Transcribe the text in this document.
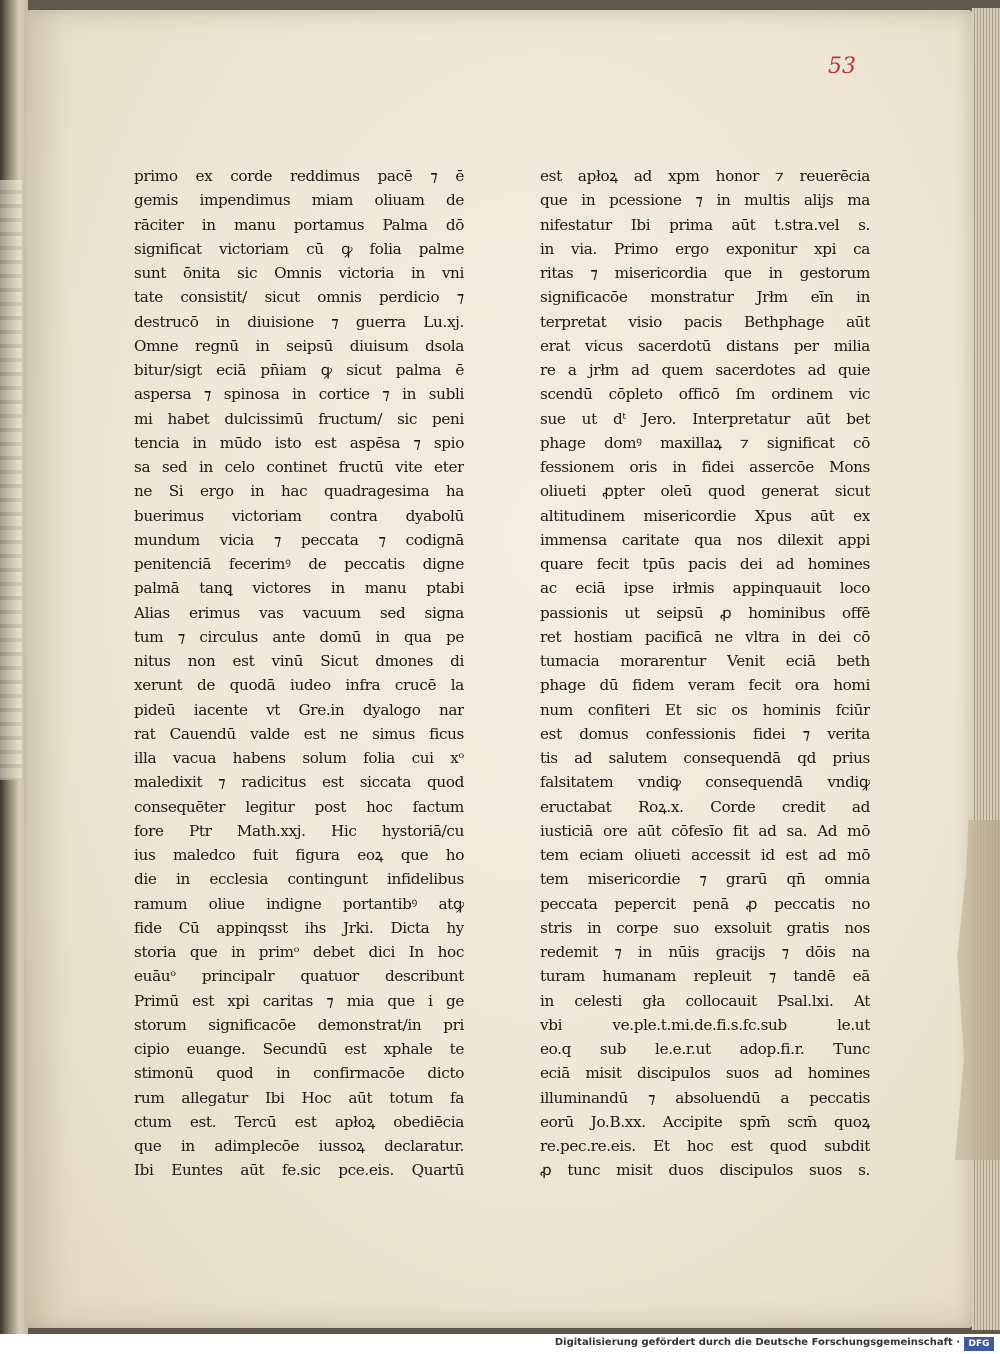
53
primo ex corde reddimus pacē ⁊ ē
gemis impendimus miam oliuam de
rāciter in manu portamus Palma dō
significat victoriam cū ꝙ folia palme
sunt ōnita sic Omnis victoria in vni
tate consistit/ sicut omnis perdicio ⁊
destrucō in diuisione ⁊ guerra Lu.xj.
Omne regnū in seipsū diuisum dsola
bitur/sigt eciā pn̄iam ꝙ sicut palma ē
aspersa ⁊ spinosa in cortice ⁊ in subli
mi habet dulcissimū fructum/ sic peni
tencia in mūdo isto est aspēsa ⁊ spio
sa sed in celo continet fructū vite eter
ne Si ergo in hac quadragesima ha
buerimus victoriam contra dyabolū
mundum vicia ⁊ peccata ⁊ codignā
penitenciā fecerimꝰ de peccatis digne
palmā tanꝗ victores in manu ptabi
Alias erimus vas vacuum sed signa
tum ⁊ circulus ante domū in qua pe
nitus non est vinū Sicut dmones di
xerunt de quodā iudeo infra crucē la
pideū iacente vt Gre.in dyalogo nar
rat Cauendū valde est ne simus ficus
illa vacua habens solum folia cui xᵒ
maledixit ⁊ radicitus est siccata quod
consequēter legitur post hoc factum
fore Ptr Math.xxj. Hic hystoriā/cu
ius maledco fuit figura eoꝝ que ho
die in ecclesia contingunt infidelibus
ramum oliue indigne portantibꝰ atꝙ
fide Cū appinqsst ihs Jrki. Dicta hy
storia que in primᵒ debet dici In hoc
euāuᵒ principalr quatuor describunt
Primū est xpi caritas ⁊ mia que i ge
storum significacōe demonstrat/in pri
cipio euange. Secundū est xphale te
stimonū quod in confirmacōe dicto
rum allegatur Ibi Hoc aūt totum fa
ctum est. Tercū est apłoꝝ obediēcia
que in adimplecōe iussoꝝ declaratur.
Ibi Euntes aūt fe.sic pce.eis. Quartū
est apłoꝝ ad xpm honor ⁊ reuerēcia
que in pcessione ⁊ in multis alijs ma
nifestatur Ibi prima aūt t.stra.vel s.
in via. Primo ergo exponitur xpi ca
ritas ⁊ misericordia que in gestorum
significacōe monstratur Jrłm eīn in
terpretat visio pacis Bethphage aūt
erat vicus sacerdotū distans per milia
re a jrłm ad quem sacerdotes ad quie
scendū cōpleto officō ſm ordinem vic
sue ut dᵗ Jero. Interpretatur aūt bet
phage domꝰ maxillaꝝ ⁊ significat cō
fessionem oris in fidei assercōe Mons
oliueti ꝓpter oleū quod generat sicut
altitudinem misericordie Xpus aūt ex
immensa caritate qua nos dilexit appi
quare fecit tpūs pacis dei ad homines
ac eciā ipse irłmis appinquauit loco
passionis ut seipsū ꝓ hominibus offē
ret hostiam pacificā ne vltra in dei cō
tumacia morarentur Venit eciā beth
phage dū fidem veram fecit ora homi
num confiteri Et sic os hominis fciūr
est domus confessionis fidei ⁊ verita
tis ad salutem consequendā qd prius
falsitatem vndiꝙ consequendā vndiꝙ
eructabat Roꝝ.x. Corde credit ad
iusticiā ore aūt cōfesīo fit ad sa. Ad mō
tem eciam oliueti accessit id est ad mō
tem misericordie ⁊ grarū qn̄ omnia
peccata pepercit penā ꝓ peccatis no
stris in corpe suo exsoluit gratis nos
redemit ⁊ in nūis gracijs ⁊ dōis na
turam humanam repleuit ⁊ tandē eā
in celesti gła collocauit Psal.lxi. At
vbi ve.ple.t.mi.de.fi.s.fc.sub le.ut
eo.q sub le.e.r.ut adop.fi.r. Tunc
eciā misit discipulos suos ad homines
illuminandū ⁊ absoluendū a peccatis
eorū Jo.B.xx. Accipite spm̄ scm̄ quoꝝ
re.pec.re.eis. Et hoc est quod subdit
ꝓ tunc misit duos discipulos suos s.
Digitalisierung gefördert durch die Deutsche Forschungsgemeinschaft · DFG
